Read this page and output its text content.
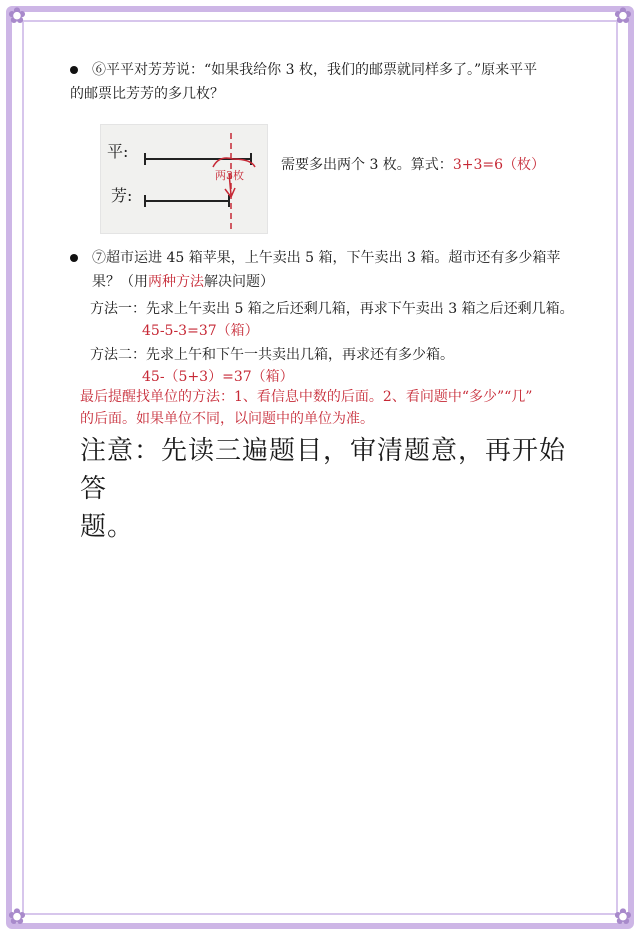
✿	✿
✿	✿
⑥平平对芳芳说：“如果我给你 3 枚，我们的邮票就同样多了。”原来平平
的邮票比芳芳的多几枚？
平:
芳:
两3枚
需要多出两个 3 枚。算式：3+3=6（枚）
⑦超市运进 45 箱苹果，上午卖出 5 箱，下午卖出 3 箱。超市还有多少箱苹
果？（用两种方法解决问题）
方法一：先求上午卖出 5 箱之后还剩几箱，再求下午卖出 3 箱之后还剩几箱。
45-5-3=37（箱）
方法二：先求上午和下午一共卖出几箱，再求还有多少箱。
45-（5+3）=37（箱）
最后提醒找单位的方法：1、看信息中数的后面。2、看问题中“多少”“几”
的后面。如果单位不同，以问题中的单位为准。
注意：先读三遍题目，审清题意，再开始答
题。
